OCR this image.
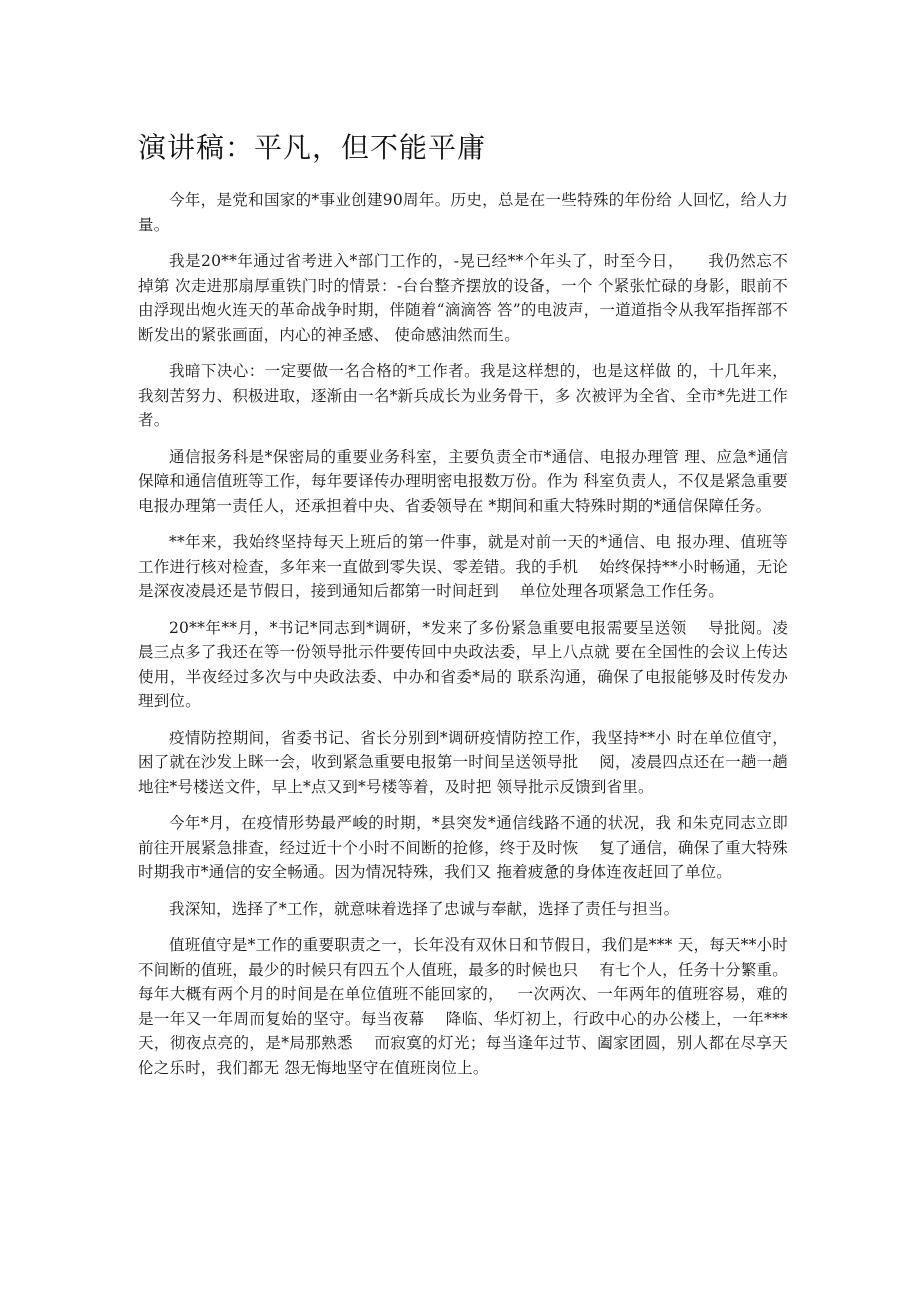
演讲稿：平凡，但不能平庸

今年，是党和国家的*事业创建90周年。历史，总是在一些特殊的年份给 人回忆，给人力量。

我是20**年通过省考进入*部门工作的，-晃已经**个年头了，时至今日，　　我仍然忘不掉第 次走进那扇厚重铁门时的情景：-台台整齐摆放的设备，一个 个紧张忙碌的身影，眼前不由浮现出炮火连天的革命战争时期，伴随着“滴滴答 答”的电波声，一道道指令从我军指挥部不断发出的紧张画面，内心的神圣感、 使命感油然而生。

我暗下决心：一定要做一名合格的*工作者。我是这样想的，也是这样做 的，十几年来，我刻苦努力、积极进取，逐渐由一名*新兵成长为业务骨干，多 次被评为全省、全市*先进工作者。

通信报务科是*保密局的重要业务科室，主要负责全市*通信、电报办理管 理、应急*通信保障和通信值班等工作，每年要译传办理明密电报数万份。作为 科室负责人，不仅是紧急重要电报办理第一责任人，还承担着中央、省委领导在 *期间和重大特殊时期的*通信保障任务。

**年来，我始终坚持每天上班后的第一件事，就是对前一天的*通信、电 报办理、值班等工作进行核对检查，多年来一直做到零失误、零差错。我的手机　 始终保持**小时畅通，无论是深夜凌晨还是节假日，接到通知后都第一时间赶到　 单位处理各项紧急工作任务。

20**年**月，*书记*同志到*调研，*发来了多份紧急重要电报需要呈送领　 导批阅。凌晨三点多了我还在等一份领导批示件要传回中央政法委，早上八点就 要在全国性的会议上传达使用，半夜经过多次与中央政法委、中办和省委*局的 联系沟通，确保了电报能够及时传发办理到位。

疫情防控期间，省委书记、省长分别到*调研疫情防控工作，我坚持**小 时在单位值守，困了就在沙发上眯一会，收到紧急重要电报第一时间呈送领导批　 阅，凌晨四点还在一趟一趟地往*号楼送文件，早上*点又到*号楼等着，及时把 领导批示反馈到省里。

今年*月，在疫情形势最严峻的时期，*县突发*通信线路不通的状况，我 和朱克同志立即前往开展紧急排查，经过近十个小时不间断的抢修，终于及时恢　 复了通信，确保了重大特殊时期我市*通信的安全畅通。因为情况特殊，我们又 拖着疲惫的身体连夜赶回了单位。

我深知，选择了*工作，就意味着选择了忠诚与奉献，选择了责任与担当。

值班值守是*工作的重要职责之一，长年没有双休日和节假日，我们是*** 天，每天**小时不间断的值班，最少的时候只有四五个人值班，最多的时候也只　 有七个人，任务十分繁重。每年大概有两个月的时间是在单位值班不能回家的，　 一次两次、一年两年的值班容易，难的是一年又一年周而复始的坚守。每当夜幕　 降临、华灯初上，行政中心的办公楼上，一年***天，彻夜点亮的，是*局那熟悉　 而寂寞的灯光；每当逢年过节、阖家团圆，别人都在尽享天伦之乐时，我们都无 怨无悔地坚守在值班岗位上。
